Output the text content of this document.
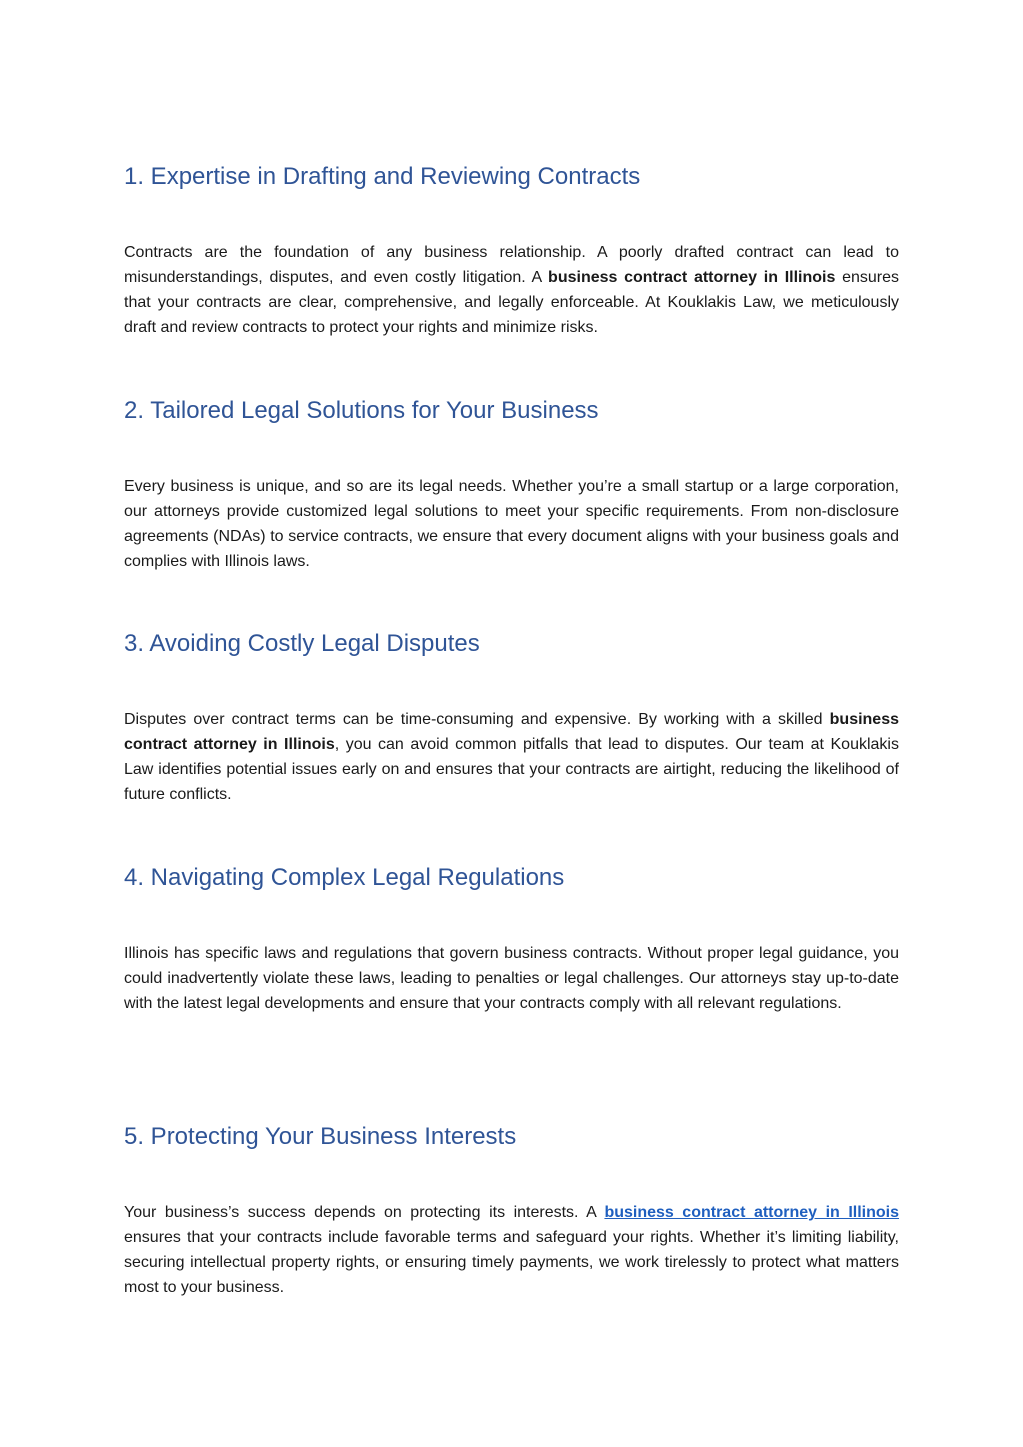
1. Expertise in Drafting and Reviewing Contracts

Contracts are the foundation of any business relationship. A poorly drafted contract can lead to misunderstandings, disputes, and even costly litigation. A business contract attorney in Illinois ensures that your contracts are clear, comprehensive, and legally enforceable. At Kouklakis Law, we meticulously draft and review contracts to protect your rights and minimize risks.

2. Tailored Legal Solutions for Your Business

Every business is unique, and so are its legal needs. Whether you’re a small startup or a large corporation, our attorneys provide customized legal solutions to meet your specific requirements. From non-disclosure agreements (NDAs) to service contracts, we ensure that every document aligns with your business goals and complies with Illinois laws.

3. Avoiding Costly Legal Disputes

Disputes over contract terms can be time-consuming and expensive. By working with a skilled business contract attorney in Illinois, you can avoid common pitfalls that lead to disputes. Our team at Kouklakis Law identifies potential issues early on and ensures that your contracts are airtight, reducing the likelihood of future conflicts.

4. Navigating Complex Legal Regulations

Illinois has specific laws and regulations that govern business contracts. Without proper legal guidance, you could inadvertently violate these laws, leading to penalties or legal challenges. Our attorneys stay up-to-date with the latest legal developments and ensure that your contracts comply with all relevant regulations.

5. Protecting Your Business Interests

Your business’s success depends on protecting its interests. A business contract attorney in Illinois ensures that your contracts include favorable terms and safeguard your rights. Whether it’s limiting liability, securing intellectual property rights, or ensuring timely payments, we work tirelessly to protect what matters most to your business.
